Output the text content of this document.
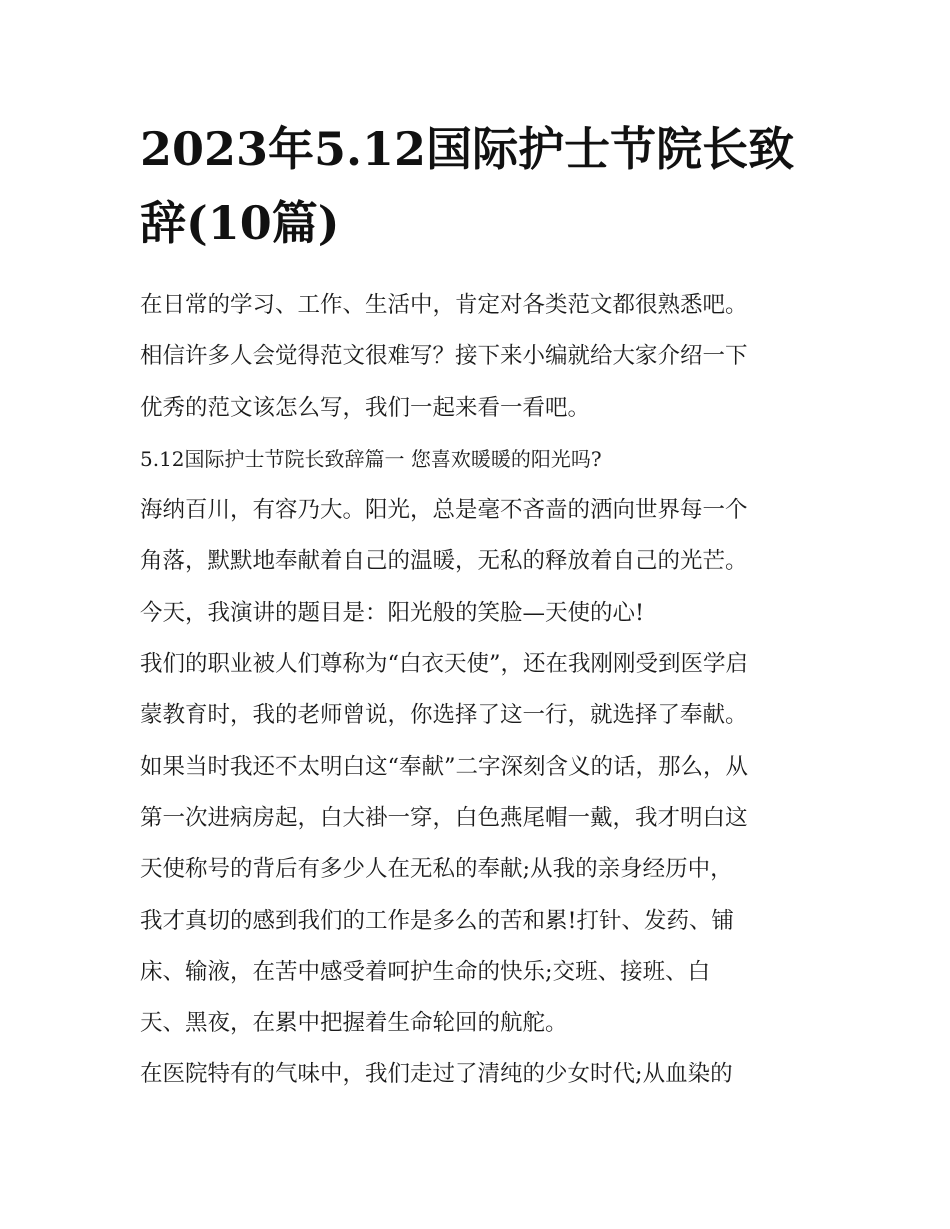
2023年5.12国际护士节院长致辞(10篇)
在日常的学习、工作、生活中，肯定对各类范文都很熟悉吧。
相信许多人会觉得范文很难写？接下来小编就给大家介绍一下
优秀的范文该怎么写，我们一起来看一看吧。
5.12国际护士节院长致辞篇一 您喜欢暖暖的阳光吗?
海纳百川，有容乃大。阳光，总是毫不吝啬的洒向世界每一个
角落，默默地奉献着自己的温暖，无私的释放着自己的光芒。
今天，我演讲的题目是：阳光般的笑脸—天使的心!
我们的职业被人们尊称为“白衣天使”，还在我刚刚受到医学启
蒙教育时，我的老师曾说，你选择了这一行，就选择了奉献。
如果当时我还不太明白这“奉献”二字深刻含义的话，那么，从
第一次进病房起，白大褂一穿，白色燕尾帽一戴，我才明白这
天使称号的背后有多少人在无私的奉献;从我的亲身经历中，
我才真切的感到我们的工作是多么的苦和累!打针、发药、铺
床、输液，在苦中感受着呵护生命的快乐;交班、接班、白
天、黑夜，在累中把握着生命轮回的航舵。
在医院特有的气味中，我们走过了清纯的少女时代;从血染的
